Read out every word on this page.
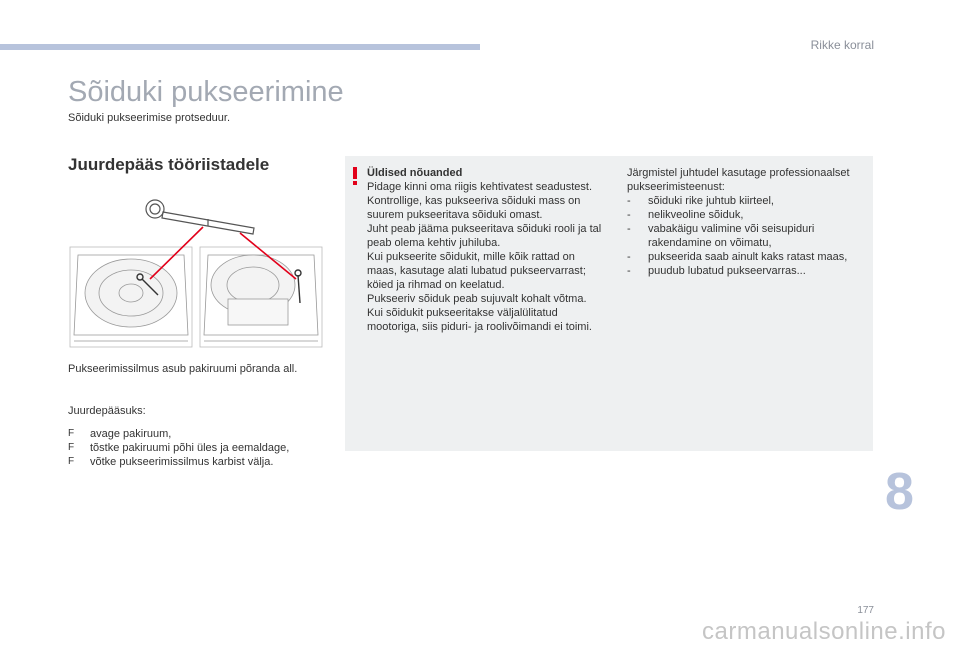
Rikke korral
Sõiduki pukseerimine
Sõiduki pukseerimise protseduur.
Juurdepääs tööriistadele
Pukseerimissilmus asub pakiruumi põranda all.
Juurdepääsuks:
F	avage pakiruum,
F	tõstke pakiruumi põhi üles ja eemaldage,
F	võtke pukseerimissilmus karbist välja.
Üldised nõuanded
Pidage kinni oma riigis kehtivatest seadustest.
Kontrollige, kas pukseeriva sõiduki mass on suurem pukseeritava sõiduki omast.
Juht peab jääma pukseeritava sõiduki rooli ja tal peab olema kehtiv juhiluba.
Kui pukseerite sõidukit, mille kõik rattad on maas, kasutage alati lubatud pukseervarrast; köied ja rihmad on keelatud.
Pukseeriv sõiduk peab sujuvalt kohalt võtma.
Kui sõidukit pukseeritakse väljalülitatud mootoriga, siis piduri- ja roolivõimandi ei toimi.
Järgmistel juhtudel kasutage professionaalset pukseerimisteenust:
-	sõiduki rike juhtub kiirteel,
-	nelikveoline sõiduk,
-	vabakäigu valimine või seisupiduri rakendamine on võimatu,
-	pukseerida saab ainult kaks ratast maas,
-	puudub lubatud pukseervarras...
8
177
carmanualsonline.info
